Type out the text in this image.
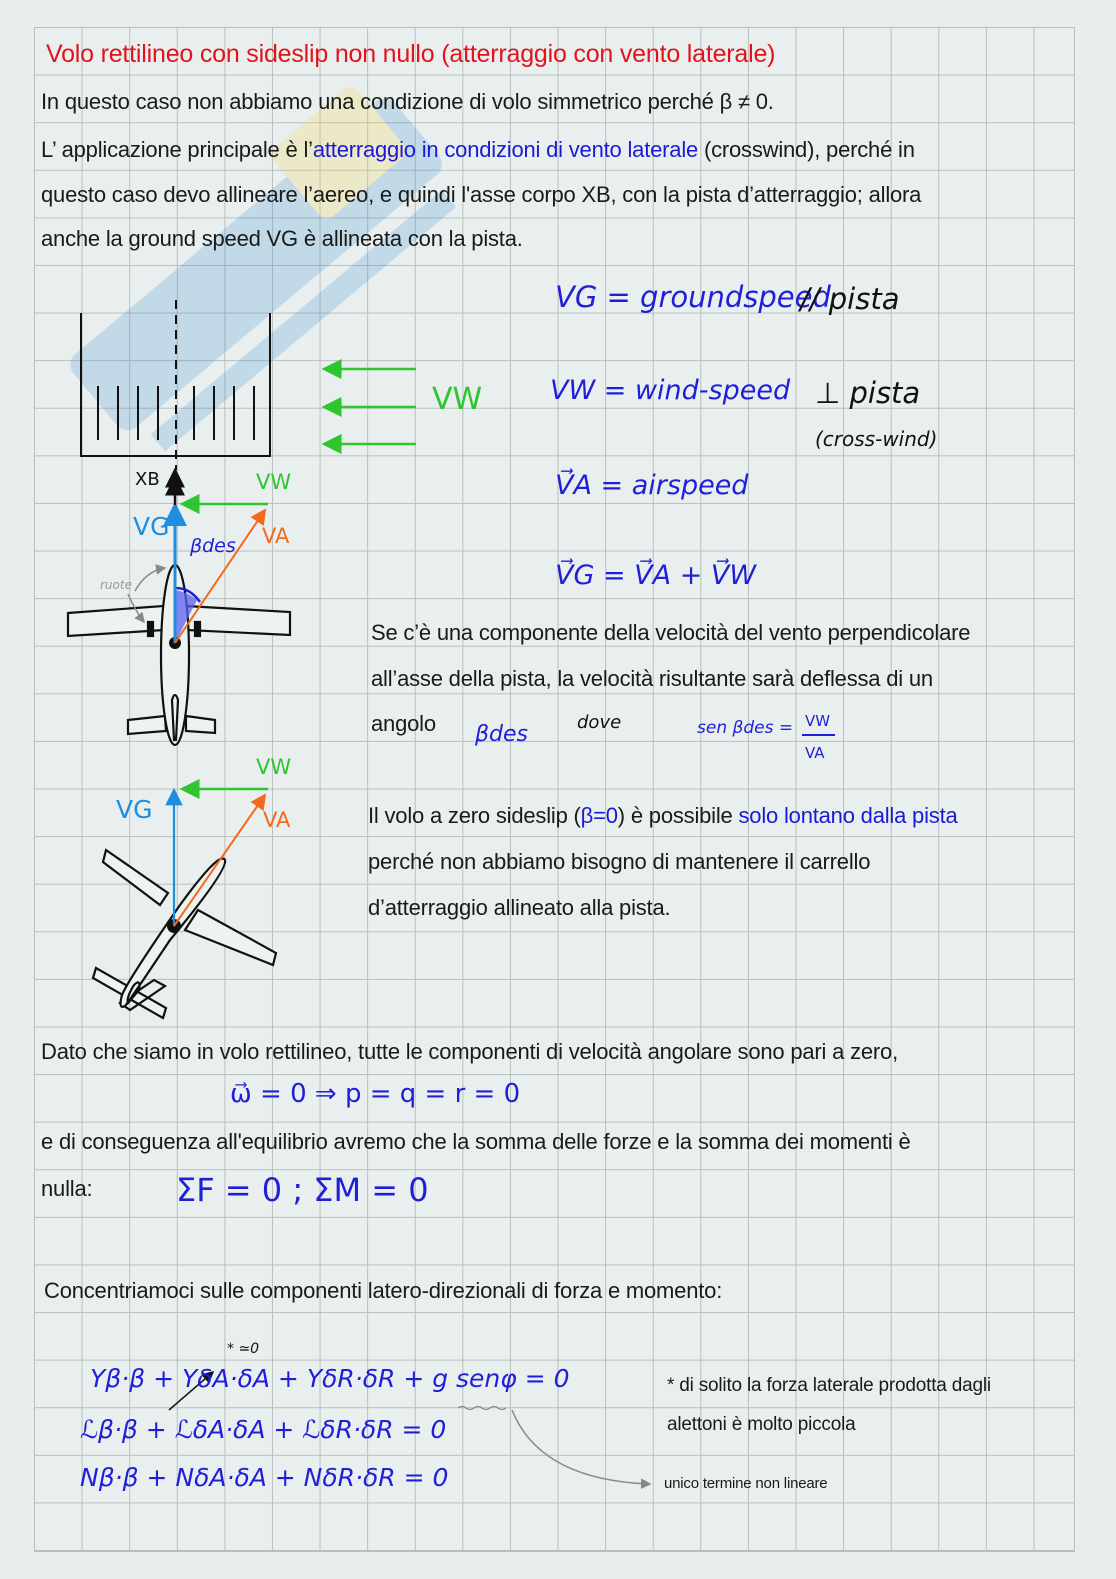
Volo rettilineo con sideslip non nullo (atterraggio con vento laterale)
In questo caso non abbiamo una condizione di volo simmetrico perché β ≠ 0.
L’ applicazione principale è l’atterraggio in condizioni di vento laterale (crosswind), perché in
questo caso devo allineare l’aereo, e quindi l'asse corpo XB, con la pista d’atterraggio; allora
anche la ground speed VG è allineata con la pista.
VG = groundspeed
// pista
VW = wind-speed ⊥ pista
(cross-wind)
V⃗A = airspeed
V⃗G = V⃗A + V⃗W
VW
XB	VW
VG	VA
βdes
ruote
VW
VG	VA
Se c’è una componente della velocità del vento perpendicolare
all’asse della pista, la velocità risultante sarà deflessa di un
angolo βdes	dove	sen βdes = VW
VA
Il volo a zero sideslip (β=0) è possibile solo lontano dalla pista
perché non abbiamo bisogno di mantenere il carrello
d’atterraggio allineato alla pista.
Dato che siamo in volo rettilineo, tutte le componenti di velocità angolare sono pari a zero,
ω⃗ = 0 ⇒ p = q = r = 0
e di conseguenza all'equilibrio avremo che la somma delle forze e la somma dei momenti è
nulla:	ΣF = 0 ; ΣM = 0
Concentriamoci sulle componenti latero-direzionali di forza e momento:
* ≃0
Yβ·β + YδA·δA + YδR·δR + g senφ = 0
ℒβ·β + ℒδA·δA + ℒδR·δR = 0
Nβ·β + NδA·δA + NδR·δR = 0
* di solito la forza laterale prodotta dagli
alettoni è molto piccola
unico termine non lineare
